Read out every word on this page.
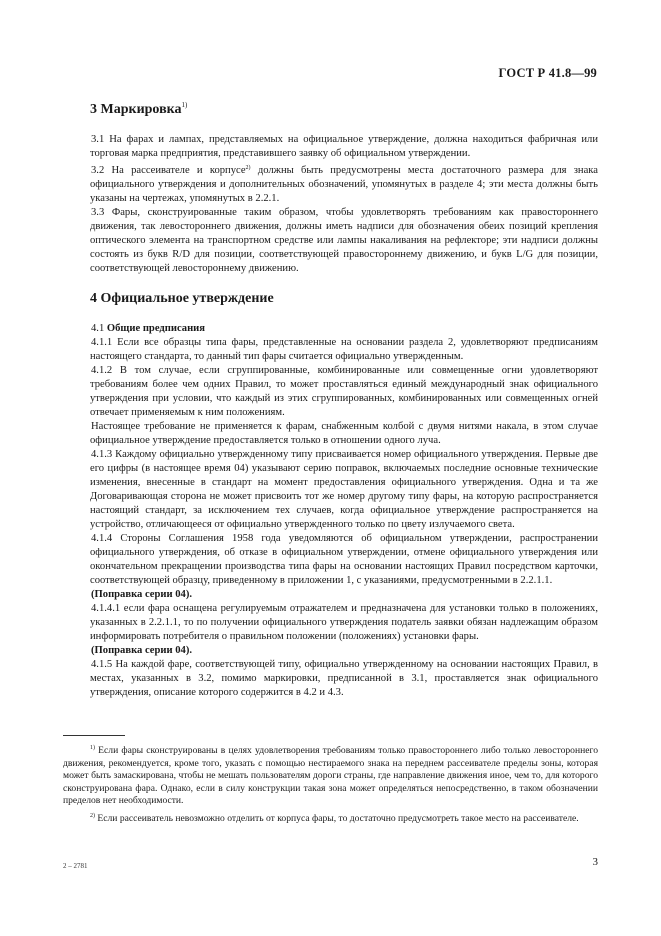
ГОСТ Р 41.8—99
3 Маркировка$^{1)}$

3.1 На фарах и лампах, представляемых на официальное утверждение, должна находиться фабричная или торговая марка предприятия, представившего заявку об официальном утверждении.

3.2 На рассеивателе и корпусе$^{2)}$ должны быть предусмотрены места достаточного размера для знака официального утверждения и дополнительных обозначений, упомянутых в разделе 4; эти места должны быть указаны на чертежах, упомянутых в 2.2.1.

3.3 Фары, сконструированные таким образом, чтобы удовлетворять требованиям как правостороннего движения, так левостороннего движения, должны иметь надписи для обозначения обеих позиций крепления оптического элемента на транспортном средстве или лампы накаливания на рефлекторе; эти надписи должны состоять из букв R/D для позиции, соответствующей правостороннему движению, и букв L/G для позиции, соответствующей левостороннему движению.

4 Официальное утверждение

4.1 Общие предписания

4.1.1 Если все образцы типа фары, представленные на основании раздела 2, удовлетворяют предписаниям настоящего стандарта, то данный тип фары считается официально утвержденным.

4.1.2 В том случае, если сгруппированные, комбинированные или совмещенные огни удовлетворяют требованиям более чем одних Правил, то может проставляться единый международный знак официального утверждения при условии, что каждый из этих сгруппированных, комбинированных или совмещенных огней отвечает применяемым к ним положениям.

Настоящее требование не применяется к фарам, снабженным колбой с двумя нитями накала, в этом случае официальное утверждение предоставляется только в отношении одного луча.

4.1.3 Каждому официально утвержденному типу присваивается номер официального утверждения. Первые две его цифры (в настоящее время 04) указывают серию поправок, включаемых последние основные технические изменения, внесенные в стандарт на момент предоставления официального утверждения. Одна и та же Договаривающая сторона не может присвоить тот же номер другому типу фары, на которую распространяется настоящий стандарт, за исключением тех случаев, когда официальное утверждение распространяется на устройство, отличающееся от официально утвержденного только по цвету излучаемого света.

4.1.4 Стороны Соглашения 1958 года уведомляются об официальном утверждении, распространении официального утверждения, об отказе в официальном утверждении, отмене официального утверждения или окончательном прекращении производства типа фары на основании настоящих Правил посредством карточки, соответствующей образцу, приведенному в приложении 1, с указаниями, предусмотренными в 2.2.1.1.

(Поправка серии 04).

4.1.4.1 если фара оснащена регулируемым отражателем и предназначена для установки только в положениях, указанных в 2.2.1.1, то по получении официального утверждения податель заявки обязан надлежащим образом информировать потребителя о правильном положении (положениях) установки фары.

(Поправка серии 04).

4.1.5 На каждой фаре, соответствующей типу, официально утвержденному на основании настоящих Правил, в местах, указанных в 3.2, помимо маркировки, предписанной в 3.1, проставляется знак официального утверждения, описание которого содержится в 4.2 и 4.3.

$^{1)}$ Если фары сконструированы в целях удовлетворения требованиям только правостороннего либо только левостороннего движения, рекомендуется, кроме того, указать с помощью нестираемого знака на переднем рассеивателе пределы зоны, которая может быть замаскирована, чтобы не мешать пользователям дороги страны, где направление движения иное, чем то, для которого сконструирована фара. Однако, если в силу конструкции такая зона может определяться непосредственно, в таком обозначении пределов нет необходимости.

$^{2)}$ Если рассеиватель невозможно отделить от корпуса фары, то достаточно предусмотреть такое место на рассеивателе.

2 – 2781	3
